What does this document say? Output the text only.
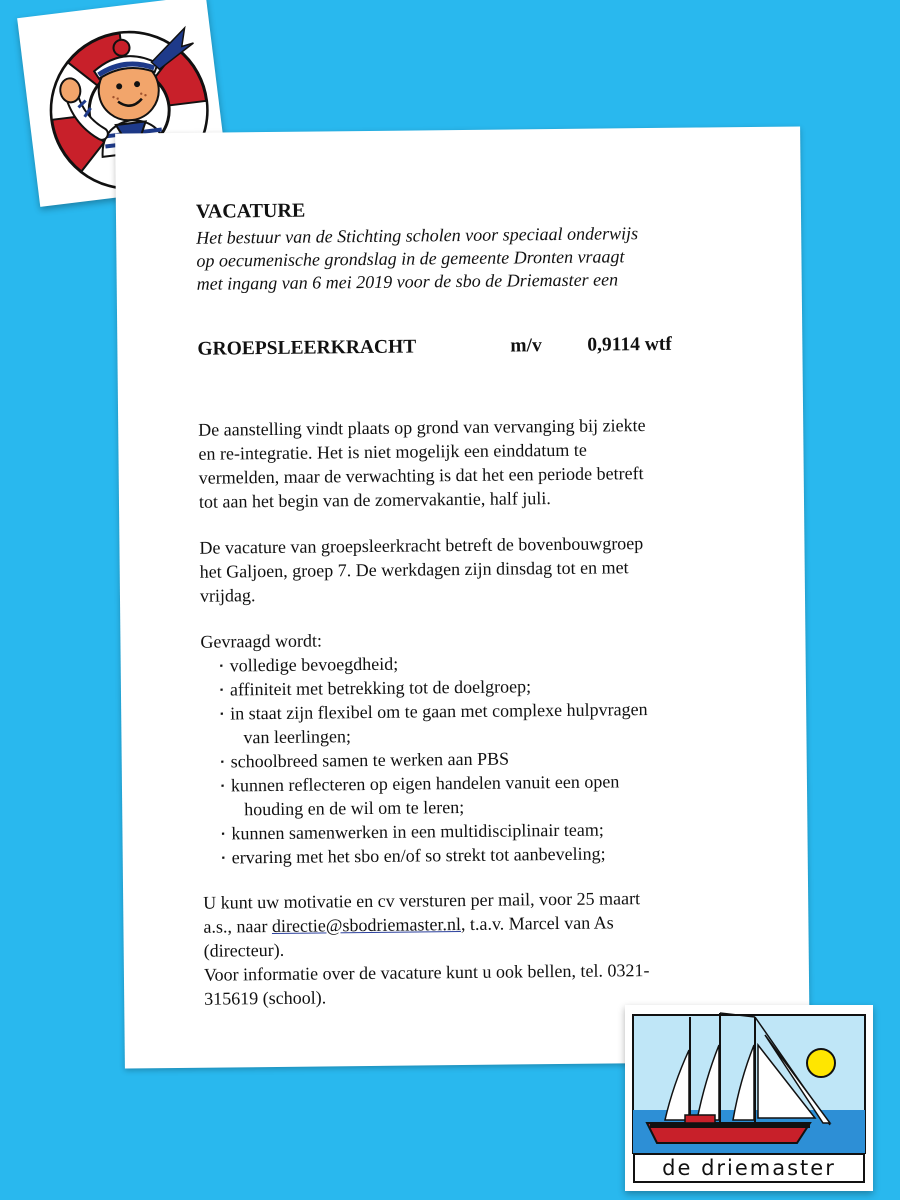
VACATURE
Het bestuur van de Stichting scholen voor speciaal onderwijs
op oecumenische grondslag in de gemeente Dronten vraagt
met ingang van 6 mei 2019 voor de sbo de Driemaster een
GROEPSLEERKRACHT	m/v 0,9114 wtf
De aanstelling vindt plaats op grond van vervanging bij ziekte
en re-integratie. Het is niet mogelijk een einddatum te
vermelden, maar de verwachting is dat het een periode betreft
tot aan het begin van de zomervakantie, half juli.
De vacature van groepsleerkracht betreft de bovenbouwgroep
het Galjoen, groep 7. De werkdagen zijn dinsdag tot en met
vrijdag.
Gevraagd wordt:
▪ volledige bevoegdheid;
▪ affiniteit met betrekking tot de doelgroep;
▪ in staat zijn flexibel om te gaan met complexe hulpvragen
van leerlingen;
▪ schoolbreed samen te werken aan PBS
▪ kunnen reflecteren op eigen handelen vanuit een open
houding en de wil om te leren;
▪ kunnen samenwerken in een multidisciplinair team;
▪ ervaring met het sbo en/of so strekt tot aanbeveling;
U kunt uw motivatie en cv versturen per mail, voor 25 maart
a.s., naar directie@sbodriemaster.nl, t.a.v. Marcel van As
(directeur).
Voor informatie over de vacature kunt u ook bellen, tel. 0321-
315619 (school).
de driemaster
